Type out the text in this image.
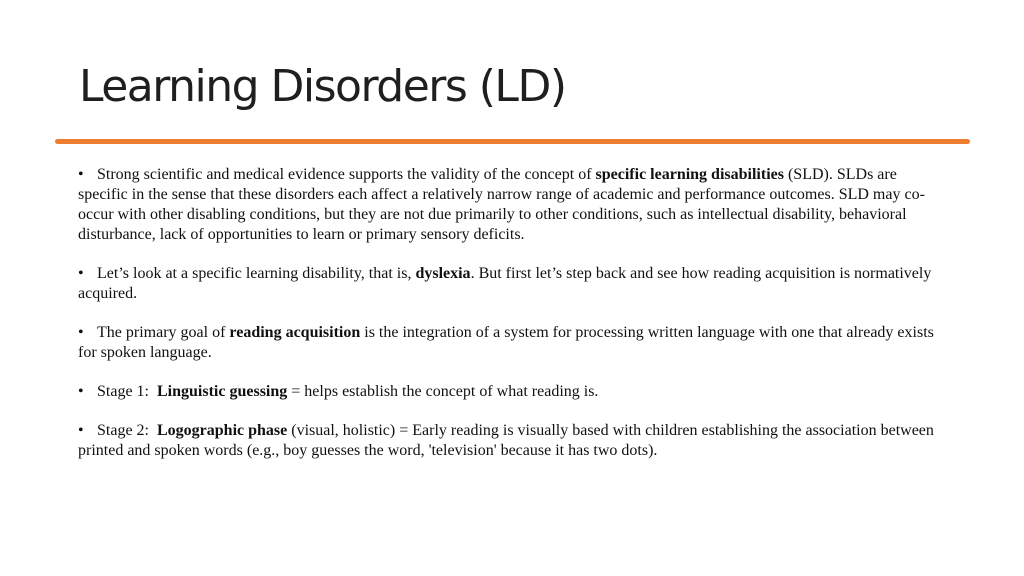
Learning Disorders (LD)

• Strong scientific and medical evidence supports the validity of the concept of specific learning disabilities (SLD). SLDs are specific in the sense that these disorders each affect a relatively narrow range of academic and performance outcomes. SLD may co-occur with other disabling conditions, but they are not due primarily to other conditions, such as intellectual disability, behavioral disturbance, lack of opportunities to learn or primary sensory deficits.

• Let’s look at a specific learning disability, that is, dyslexia. But first let’s step back and see how reading acquisition is normatively acquired.

• The primary goal of reading acquisition is the integration of a system for processing written language with one that already exists for spoken language.

• Stage 1:  Linguistic guessing = helps establish the concept of what reading is.

• Stage 2:  Logographic phase (visual, holistic) = Early reading is visually based with children establishing the association between printed and spoken words (e.g., boy guesses the word, 'television' because it has two dots).
